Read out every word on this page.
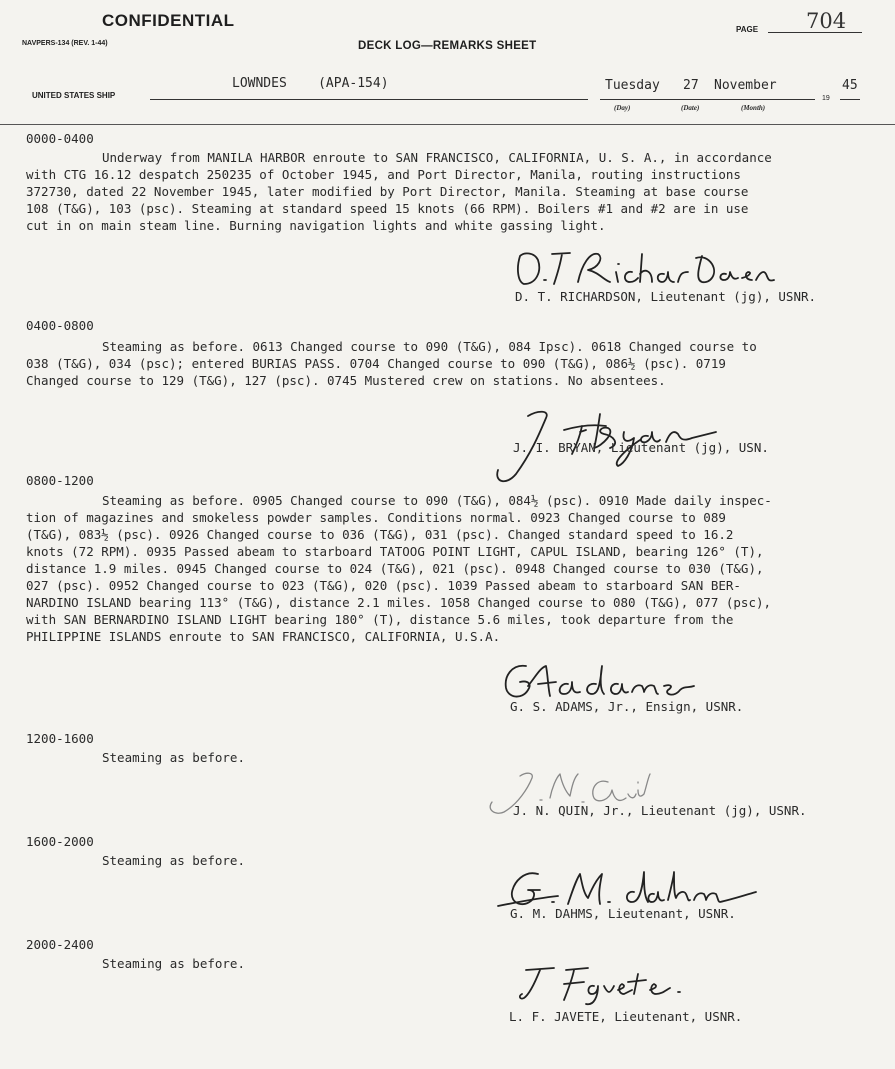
CONFIDENTIAL
NAVPERS-134 (REV. 1-44)	DECK LOG—REMARKS SHEET
PAGE 704
UNITED STATES SHIP
LOWNDES    (APA-154)	Tuesday 27 November
19
45
(Day)	(Date)	(Month)
0000-0400

Underway from MANILA HARBOR enroute to SAN FRANCISCO, CALIFORNIA, U. S. A., in accordance
with CTG 16.12 despatch 250235 of October 1945, and Port Director, Manila, routing instructions
372730, dated 22 November 1945, later modified by Port Director, Manila. Steaming at base course
108 (T&G), 103 (psc). Steaming at standard speed 15 knots (66 RPM). Boilers #1 and #2 are in use
cut in on main steam line. Burning navigation lights and white gassing light.

D. T. RICHARDSON, Lieutenant (jg), USNR.
0400-0800

Steaming as before. 0613 Changed course to 090 (T&G), 084 Ipsc). 0618 Changed course to
038 (T&G), 034 (psc); entered BURIAS PASS. 0704 Changed course to 090 (T&G), 086½ (psc). 0719
Changed course to 129 (T&G), 127 (psc). 0745 Mustered crew on stations. No absentees.

J. I. BRYAN, Lieutenant (jg), USN.
0800-1200

Steaming as before. 0905 Changed course to 090 (T&G), 084½ (psc). 0910 Made daily inspec-
tion of magazines and smokeless powder samples. Conditions normal. 0923 Changed course to 089
(T&G), 083½ (psc). 0926 Changed course to 036 (T&G), 031 (psc). Changed standard speed to 16.2
knots (72 RPM). 0935 Passed abeam to starboard TATOOG POINT LIGHT, CAPUL ISLAND, bearing 126° (T),
distance 1.9 miles. 0945 Changed course to 024 (T&G), 021 (psc). 0948 Changed course to 030 (T&G),
027 (psc). 0952 Changed course to 023 (T&G), 020 (psc). 1039 Passed abeam to starboard SAN BER-
NARDINO ISLAND bearing 113° (T&G), distance 2.1 miles. 1058 Changed course to 080 (T&G), 077 (psc),
with SAN BERNARDINO ISLAND LIGHT bearing 180° (T), distance 5.6 miles, took departure from the
PHILIPPINE ISLANDS enroute to SAN FRANCISCO, CALIFORNIA, U.S.A.

G. S. ADAMS, Jr., Ensign, USNR.
1200-1600

Steaming as before.

J. N. QUIN, Jr., Lieutenant (jg), USNR.
1600-2000

Steaming as before.

G. M. DAHMS, Lieutenant, USNR.
2000-2400

Steaming as before.

L. F. JAVETE, Lieutenant, USNR.
